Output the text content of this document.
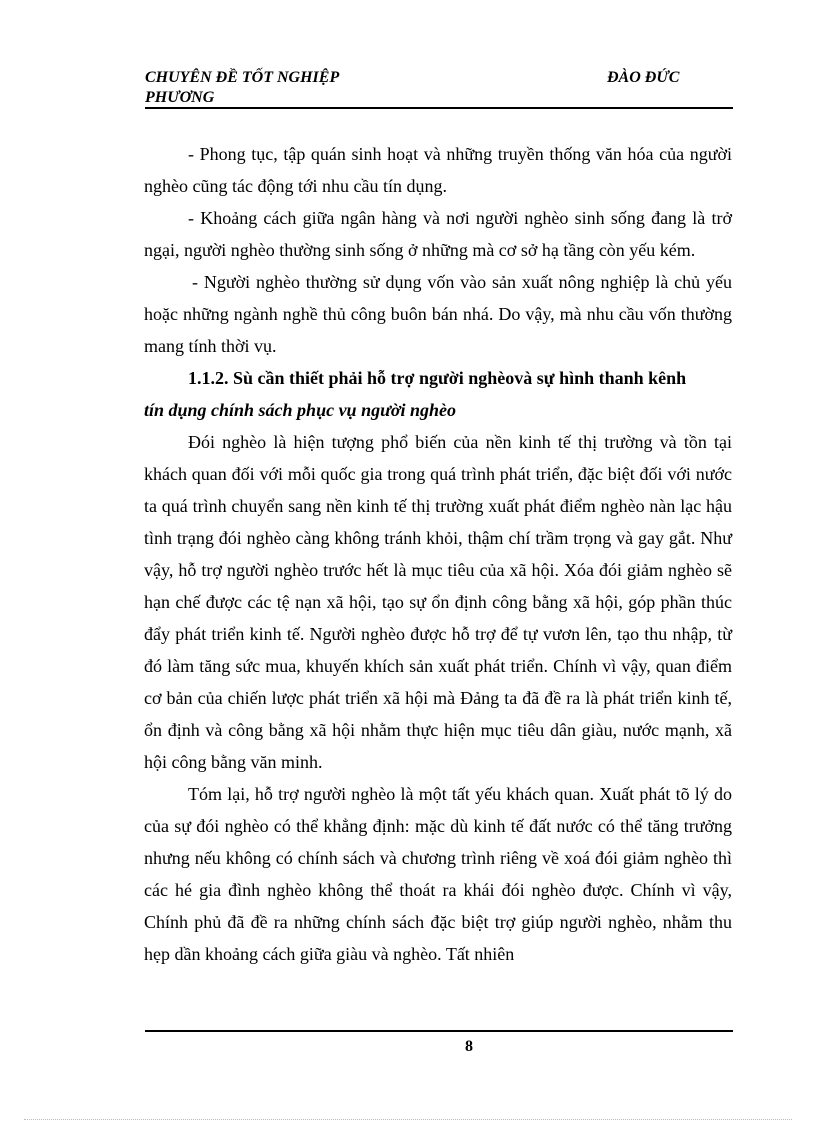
CHUYÊN ĐỀ TỐT NGHIỆP
PHƯƠNG
ĐÀO ĐỨC

- Phong tục, tập quán sinh hoạt và những truyền thống văn hóa của người nghèo cũng tác động tới nhu cầu tín dụng.

- Khoảng cách giữa ngân hàng và nơi người nghèo sinh sống đang là trở ngại, người nghèo thường sinh sống ở những mà cơ sở hạ tầng còn yếu kém.

- Người nghèo thường sử dụng vốn vào sản xuất nông nghiệp là chủ yếu hoặc những ngành nghề thủ công buôn bán nhá. Do vậy, mà nhu cầu vốn thường mang tính thời vụ.

1.1.2. Sù cần thiết phải hỗ trợ người nghèovà sự hình thanh kênh
tín dụng chính sách phục vụ người nghèo

Đói nghèo là hiện tượng phổ biến của nền kinh tế thị trường và tồn tại khách quan đối với mỗi quốc gia trong quá trình phát triển, đặc biệt đối với nước ta quá trình chuyển sang nền kinh tế thị trường xuất phát điểm nghèo nàn lạc hậu tình trạng đói nghèo càng không tránh khỏi, thậm chí trầm trọng và gay gắt. Như vậy, hỗ trợ người nghèo trước hết là mục tiêu của xã hội. Xóa đói giảm nghèo sẽ hạn chế được các tệ nạn xã hội, tạo sự ổn định công bằng xã hội, góp phần thúc đẩy phát triển kinh tế. Người nghèo được hỗ trợ để tự vươn lên, tạo thu nhập, từ đó làm tăng sức mua, khuyến khích sản xuất phát triển. Chính vì vậy, quan điểm cơ bản của chiến lược phát triển xã hội mà Đảng ta đã đề ra là phát triển kinh tế, ổn định và công bằng xã hội nhằm thực hiện mục tiêu dân giàu, nước mạnh, xã hội công bằng văn minh.

Tóm lại, hỗ trợ người nghèo là một tất yếu khách quan. Xuất phát tõ lý do của sự đói nghèo có thể khẳng định: mặc dù kinh tế đất nước có thể tăng trưởng nhưng nếu không có chính sách và chương trình riêng về xoá đói giảm nghèo thì các hé gia đình nghèo không thể thoát ra khái đói nghèo được. Chính vì vậy, Chính phủ đã đề ra những chính sách đặc biệt trợ giúp người nghèo, nhằm thu hẹp dần khoảng cách giữa giàu và nghèo. Tất nhiên

8
